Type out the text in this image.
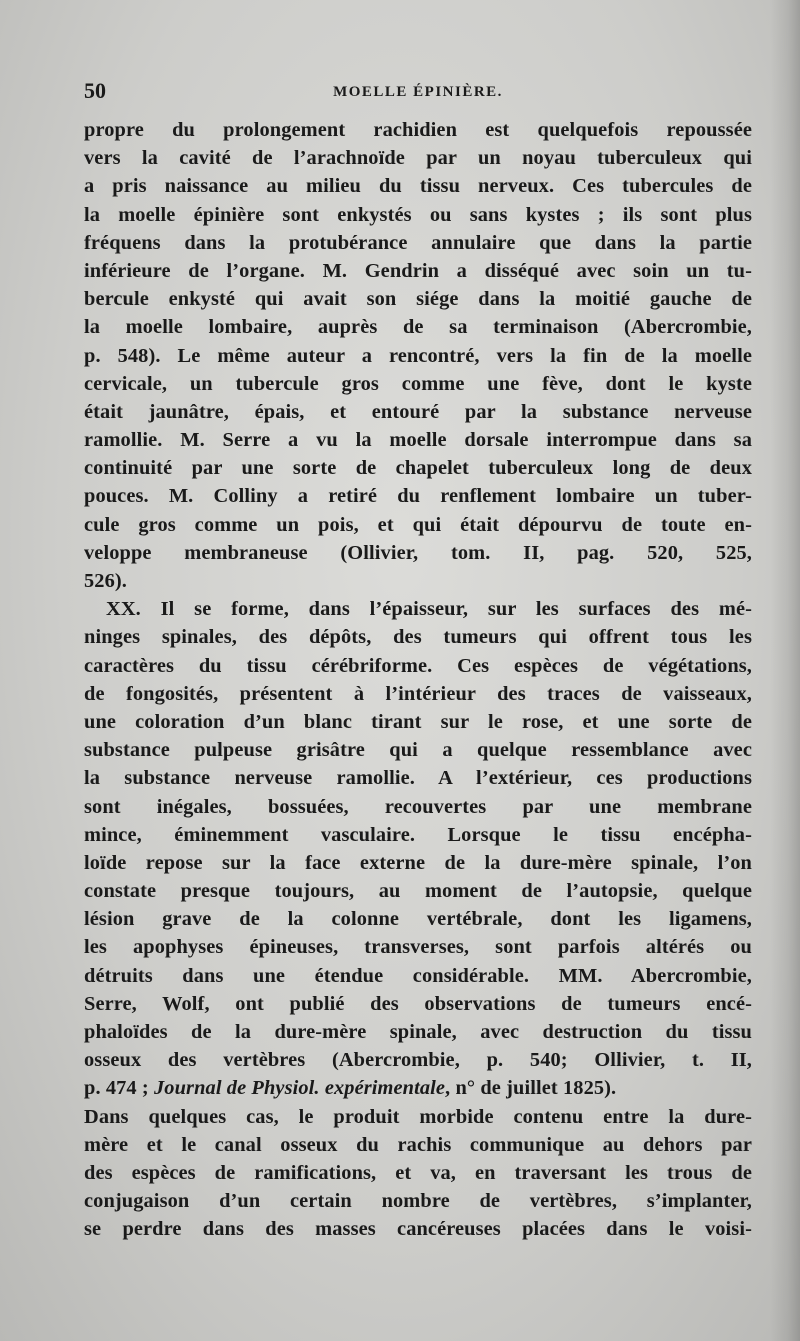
50	MOELLE ÉPINIÈRE.
propre du prolongement rachidien est quelquefois repoussée
vers la cavité de l’arachnoïde par un noyau tuberculeux qui
a pris naissance au milieu du tissu nerveux. Ces tubercules de
la moelle épinière sont enkystés ou sans kystes ; ils sont plus
fréquens dans la protubérance annulaire que dans la partie
inférieure de l’organe. M. Gendrin a disséqué avec soin un tu-
bercule enkysté qui avait son siége dans la moitié gauche de
la moelle lombaire, auprès de sa terminaison (Abercrombie,
p. 548). Le même auteur a rencontré, vers la fin de la moelle
cervicale, un tubercule gros comme une fève, dont le kyste
était jaunâtre, épais, et entouré par la substance nerveuse
ramollie. M. Serre a vu la moelle dorsale interrompue dans sa
continuité par une sorte de chapelet tuberculeux long de deux
pouces. M. Colliny a retiré du renflement lombaire un tuber-
cule gros comme un pois, et qui était dépourvu de toute en-
veloppe membraneuse (Ollivier, tom. II, pag. 520, 525,
526).
XX. Il se forme, dans l’épaisseur, sur les surfaces des mé-
ninges spinales, des dépôts, des tumeurs qui offrent tous les
caractères du tissu cérébriforme. Ces espèces de végétations,
de fongosités, présentent à l’intérieur des traces de vaisseaux,
une coloration d’un blanc tirant sur le rose, et une sorte de
substance pulpeuse grisâtre qui a quelque ressemblance avec
la substance nerveuse ramollie. A l’extérieur, ces productions
sont inégales, bossuées, recouvertes par une membrane
mince, éminemment vasculaire. Lorsque le tissu encépha-
loïde repose sur la face externe de la dure-mère spinale, l’on
constate presque toujours, au moment de l’autopsie, quelque
lésion grave de la colonne vertébrale, dont les ligamens,
les apophyses épineuses, transverses, sont parfois altérés ou
détruits dans une étendue considérable. MM. Abercrombie,
Serre, Wolf, ont publié des observations de tumeurs encé-
phaloïdes de la dure-mère spinale, avec destruction du tissu
osseux des vertèbres (Abercrombie, p. 540; Ollivier, t. II,
p. 474 ; Journal de Physiol. expérimentale, n° de juillet 1825).
Dans quelques cas, le produit morbide contenu entre la dure-
mère et le canal osseux du rachis communique au dehors par
des espèces de ramifications, et va, en traversant les trous de
conjugaison d’un certain nombre de vertèbres, s’implanter,
se perdre dans des masses cancéreuses placées dans le voisi-
